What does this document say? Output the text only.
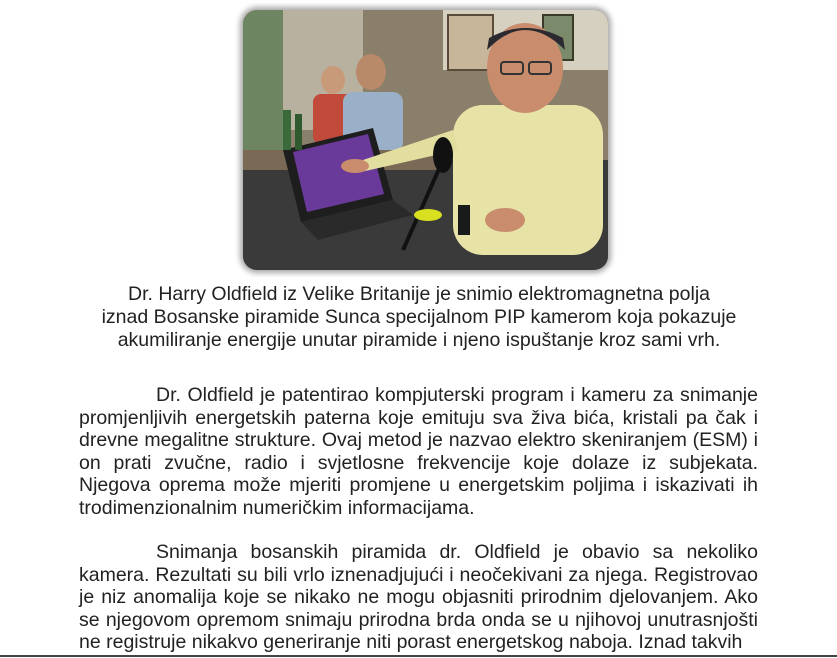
Dr. Harry Oldfield iz Velike Britanije je snimio elektromagnetna polja
iznad Bosanske piramide Sunca specijalnom PIP kamerom koja pokazuje
akumiliranje energije unutar piramide i njeno ispuštanje kroz sami vrh.

Dr. Oldfield je patentirao kompjuterski program i kameru za snimanje promjenljivih energetskih paterna koje emituju sva živa bića, kristali pa čak i drevne megalitne strukture. Ovaj metod je nazvao elektro skeniranjem (ESM) i on prati zvučne, radio i svjetlosne frekvencije koje dolaze iz subjekata. Njegova oprema može mjeriti promjene u energetskim poljima i iskazivati ih trodimenzionalnim numeričkim informacijama.

Snimanja bosanskih piramida dr. Oldfield je obavio sa nekoliko kamera. Rezultati su bili vrlo iznenadjujući i neočekivani za njega. Registrovao je niz anomalija koje se nikako ne mogu objasniti prirodnim djelovanjem. Ako se njegovom opremom snimaju prirodna brda onda se u njihovoj unutrasnjošti ne registruje nikakvo generiranje niti porast energetskog naboja. Iznad takvih
